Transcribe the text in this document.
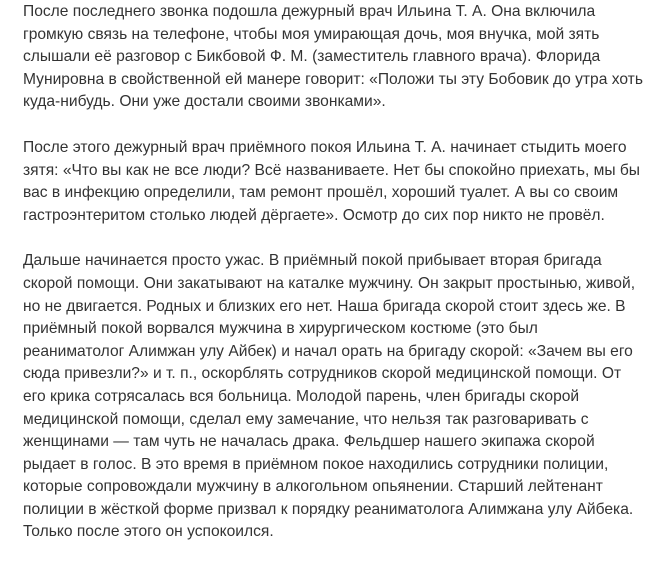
После последнего звонка подошла дежурный врач Ильина Т. А. Она включила
громкую связь на телефоне, чтобы моя умирающая дочь, моя внучка, мой зять
слышали её разговор с Бикбовой Ф. М. (заместитель главного врача). Флорида
Мунировна в свойственной ей манере говорит: «Положи ты эту Бобовик до утра хоть
куда-нибудь. Они уже достали своими звонками».

После этого дежурный врач приёмного покоя Ильина Т. А. начинает стыдить моего
зятя: «Что вы как не все люди? Всё названиваете. Нет бы спокойно приехать, мы бы
вас в инфекцию определили, там ремонт прошёл, хороший туалет. А вы со своим
гастроэнтеритом столько людей дёргаете». Осмотр до сих пор никто не провёл.

Дальше начинается просто ужас. В приёмный покой прибывает вторая бригада
скорой помощи. Они закатывают на каталке мужчину. Он закрыт простынью, живой,
но не двигается. Родных и близких его нет. Наша бригада скорой стоит здесь же. В
приёмный покой ворвался мужчина в хирургическом костюме (это был
реаниматолог Алимжан улу Айбек) и начал орать на бригаду скорой: «Зачем вы его
сюда привезли?» и т. п., оскорблять сотрудников скорой медицинской помощи. От
его крика сотрясалась вся больница. Молодой парень, член бригады скорой
медицинской помощи, сделал ему замечание, что нельзя так разговаривать с
женщинами — там чуть не началась драка. Фельдшер нашего экипажа скорой
рыдает в голос. В это время в приёмном покое находились сотрудники полиции,
которые сопровождали мужчину в алкогольном опьянении. Старший лейтенант
полиции в жёсткой форме призвал к порядку реаниматолога Алимжана улу Айбека.
Только после этого он успокоился.
